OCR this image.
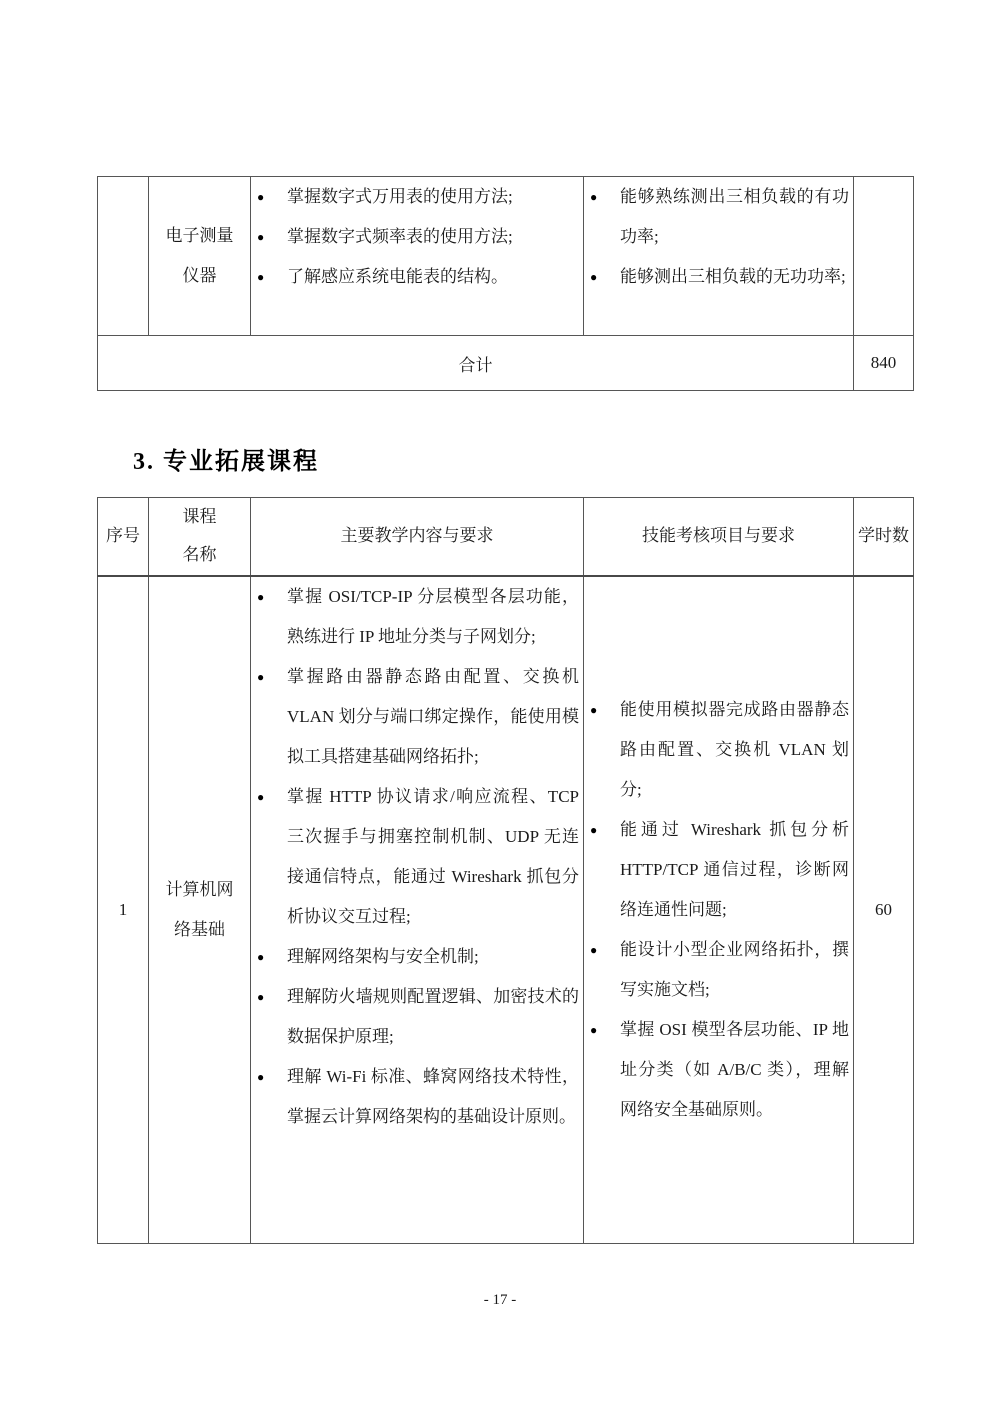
	电子测量仪器	
● 掌握数字式万用表的使用方法;
● 掌握数字式频率表的使用方法;
● 了解感应系统电能表的结构。

● 能够熟练测出三相负载的有功功率;
● 能够测出三相负载的无功功率;

合计				840
3. 专业拓展课程
序号	课程名称	主要教学内容与要求	技能考核项目与要求	学时数
1	计算机网络基础	
● 掌握 OSI/TCP-IP 分层模型各层功能，熟练进行 IP 地址分类与子网划分;
● 掌握路由器静态路由配置、交换机 VLAN 划分与端口绑定操作，能使用模拟工具搭建基础网络拓扑;
● 掌握 HTTP 协议请求/响应流程、TCP 三次握手与拥塞控制机制、UDP 无连接通信特点，能通过 Wireshark 抓包分析协议交互过程;
● 理解网络架构与安全机制;
● 理解防火墙规则配置逻辑、加密技术的数据保护原理;
● 理解 Wi-Fi 标准、蜂窝网络技术特性，掌握云计算网络架构的基础设计原则。

● 能使用模拟器完成路由器静态路由配置、交换机 VLAN 划分;
● 能通过 Wireshark 抓包分析 HTTP/TCP 通信过程，诊断网络连通性问题;
● 能设计小型企业网络拓扑，撰写实施文档;
● 掌握 OSI 模型各层功能、IP 地址分类（如 A/B/C 类），理解网络安全基础原则。
	60
- 17 -
